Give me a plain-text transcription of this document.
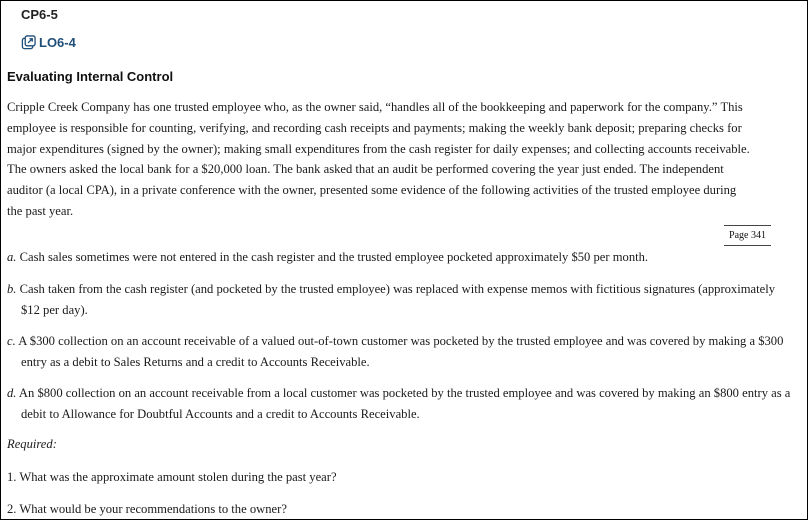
CP6-5
LO6-4
Evaluating Internal Control
Cripple Creek Company has one trusted employee who, as the owner said, “handles all of the bookkeeping and paperwork for the company.” This employee is responsible for counting, verifying, and recording cash receipts and payments; making the weekly bank deposit; preparing checks for major expenditures (signed by the owner); making small expenditures from the cash register for daily expenses; and collecting accounts receivable. The owners asked the local bank for a $20,000 loan. The bank asked that an audit be performed covering the year just ended. The independent auditor (a local CPA), in a private conference with the owner, presented some evidence of the following activities of the trusted employee during the past year.
Page 341
a. Cash sales sometimes were not entered in the cash register and the trusted employee pocketed approximately $50 per month.
b. Cash taken from the cash register (and pocketed by the trusted employee) was replaced with expense memos with fictitious signatures (approximately $12 per day).
c. A $300 collection on an account receivable of a valued out-of-town customer was pocketed by the trusted employee and was covered by making a $300 entry as a debit to Sales Returns and a credit to Accounts Receivable.
d. An $800 collection on an account receivable from a local customer was pocketed by the trusted employee and was covered by making an $800 entry as a debit to Allowance for Doubtful Accounts and a credit to Accounts Receivable.
Required:
1. What was the approximate amount stolen during the past year?
2. What would be your recommendations to the owner?
